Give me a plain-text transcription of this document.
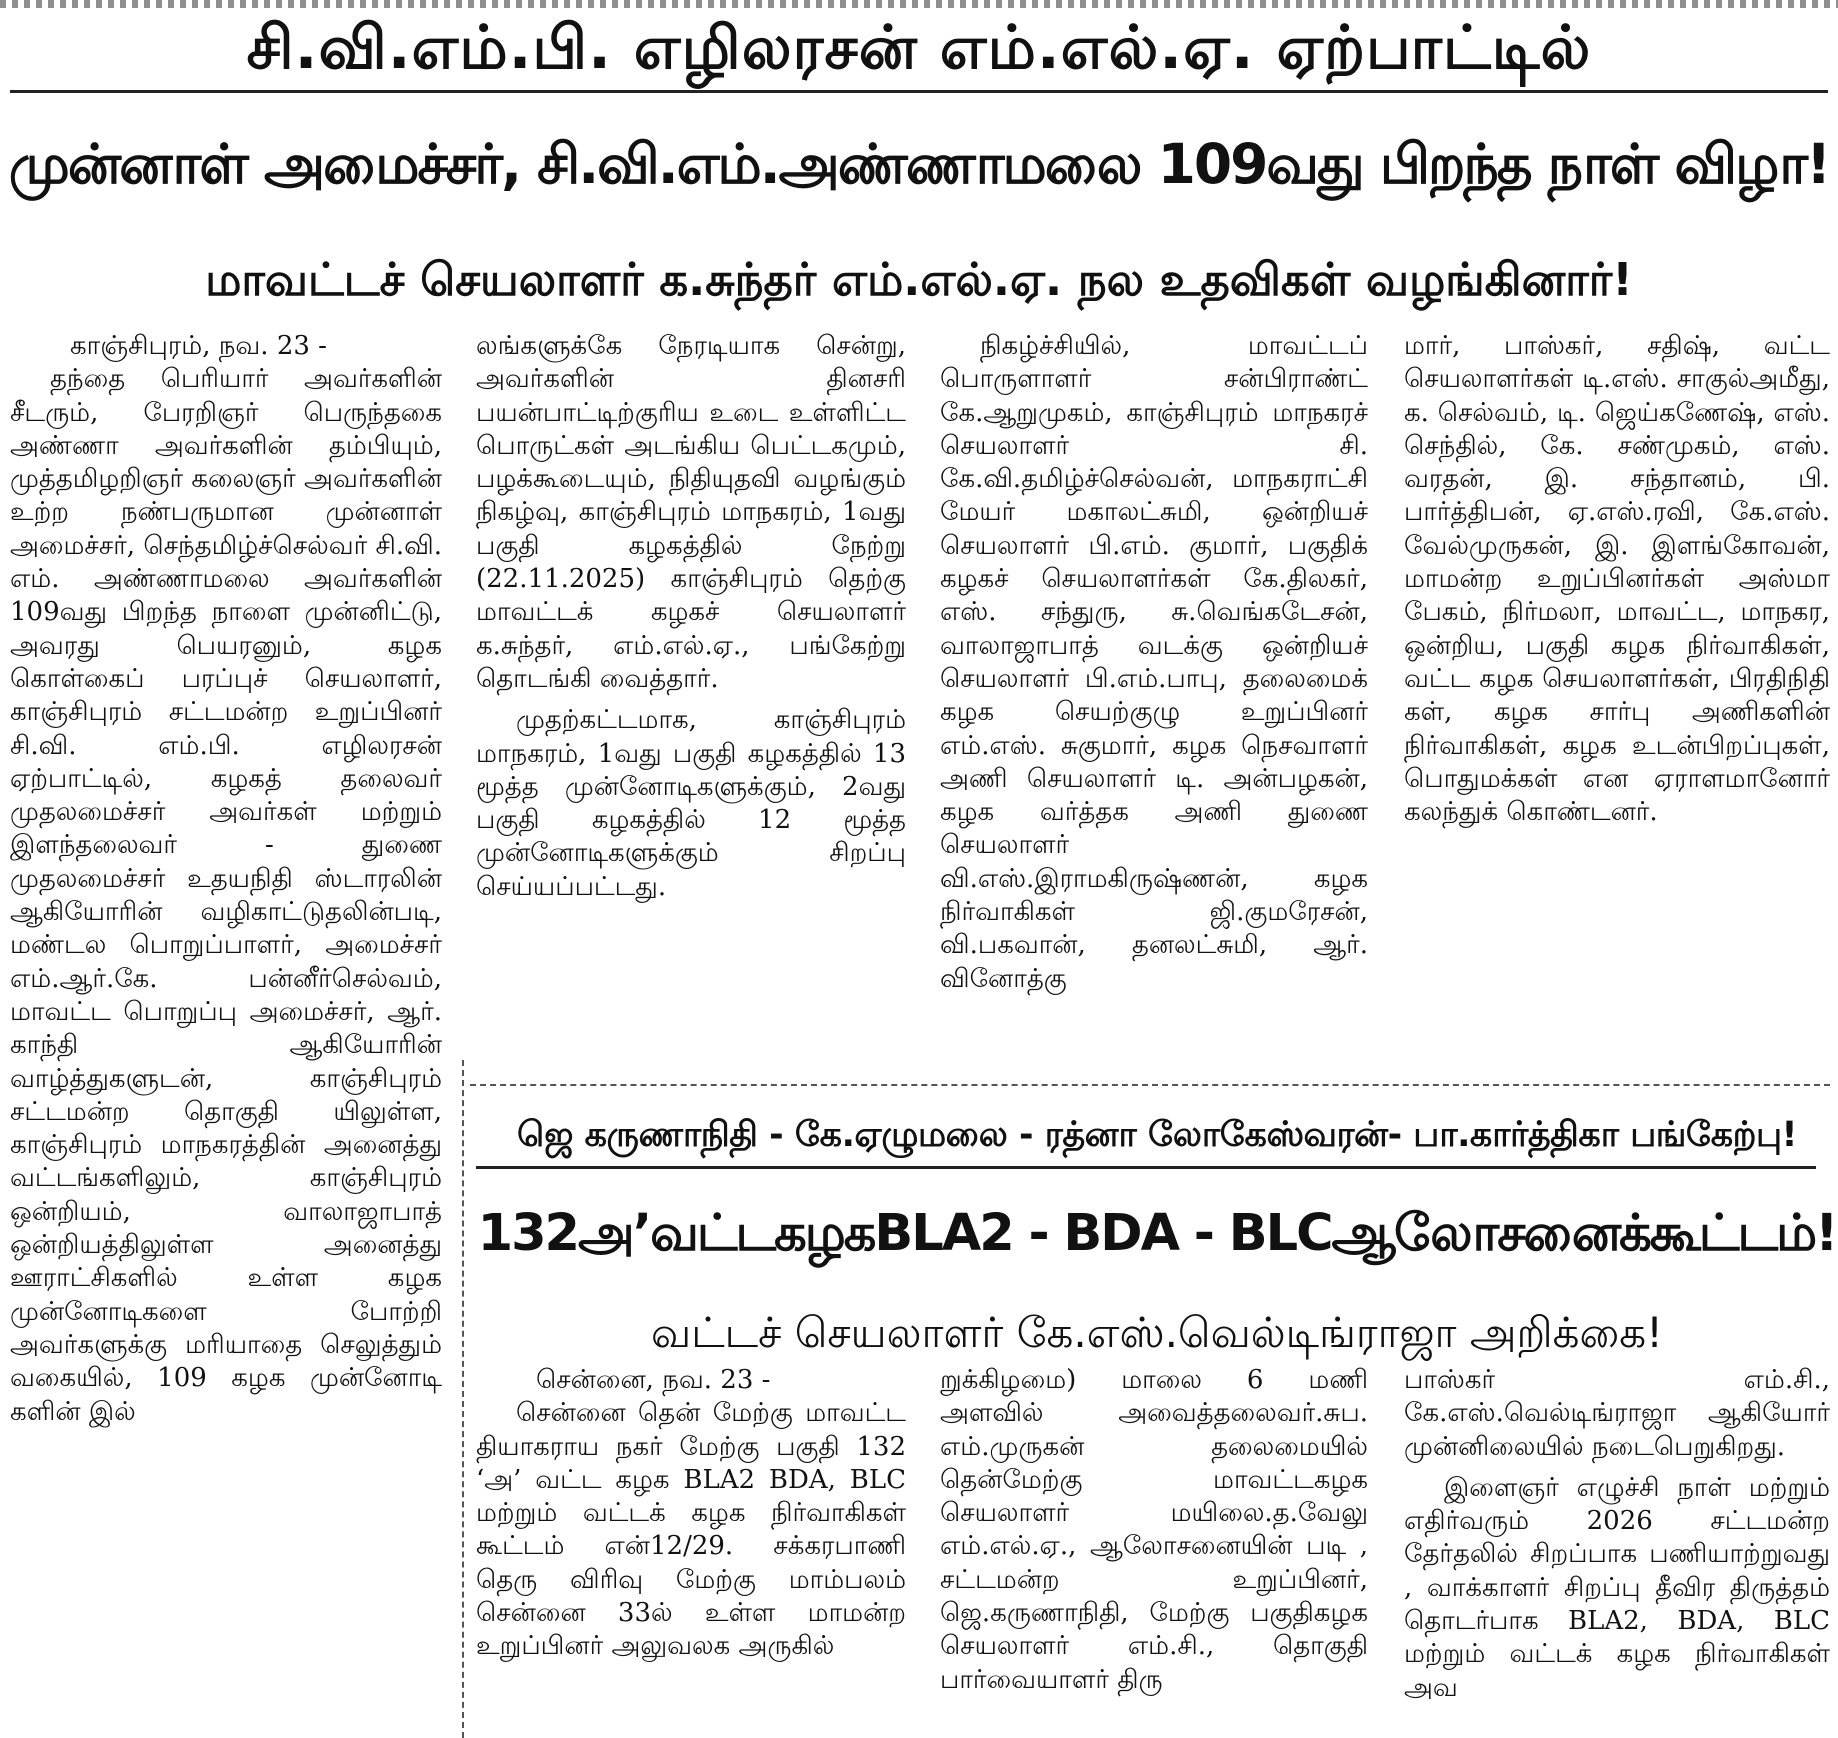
சி.வி.எம்.பி. எழிலரசன் எம்.எல்.ஏ. ஏற்பாட்டில்
முன்னாள் அமைச்சர், சி.வி.எம்.அண்ணாமலை 109வது பிறந்த நாள் விழா!
மாவட்டச் செயலாளர் க.சுந்தர் எம்.எல்.ஏ. நல உதவிகள் வழங்கினார்!

காஞ்சிபுரம், நவ. 23 -

தந்தை பெரியார் அவர்களின் சீடரும், பேரறிஞர் பெருந்தகை அண்ணா அவர்களின் தம்பியும், முத்தமிழறிஞர் கலைஞர் அவர்களின் உற்ற நண்பருமான முன்னாள் அமைச்சர், செந்தமிழ்ச்செல்வர் சி.வி. எம். அண்ணாமலை அவர்களின் 109வது பிறந்த நாளை முன்னிட்டு, அவரது பெயரனும், கழக கொள்கைப் பரப்புச் செயலாளர், காஞ்சிபுரம் சட்டமன்ற உறுப்பினர் சி.வி. எம்.பி. எழிலரசன் ஏற்பாட்டில், கழகத் தலைவர் முதலமைச்சர் அவர்கள் மற்றும் இளந்தலைவர் - துணை முதலமைச்சர் உதயநிதி ஸ்டாரலின் ஆகியோரின் வழிகாட்டுதலின்படி, மண்டல பொறுப்பாளர், அமைச்சர் எம்.ஆர்.கே. பன்னீர்செல்வம், மாவட்ட பொறுப்பு அமைச்சர், ஆர். காந்தி ஆகியோரின் வாழ்த்துகளுடன், காஞ்சிபுரம் சட்டமன்ற தொகுதி யிலுள்ள, காஞ்சிபுரம் மாநகரத்தின் அனைத்து வட்டங்களிலும், காஞ்சிபுரம் ஒன்றியம், வாலாஜாபாத் ஒன்றியத்திலுள்ள அனைத்து ஊராட்சிகளில் உள்ள கழக முன்னோடிகளை போற்றி அவர்களுக்கு மரியாதை செலுத்தும் வகையில், 109 கழக முன்னோடி களின் இல்

லங்களுக்கே நேரடியாக சென்று, அவர்களின் தினசரி பயன்பாட்டிற்குரிய உடை உள்ளிட்ட பொருட்கள் அடங்கிய பெட்டகமும், பழக்கூடையும், நிதியுதவி வழங்கும் நிகழ்வு, காஞ்சிபுரம் மாநகரம், 1வது பகுதி கழகத்தில் நேற்று (22.11.2025) காஞ்சிபுரம் தெற்கு மாவட்டக் கழகச் செயலாளர் க.சுந்தர், எம்.எல்.ஏ., பங்கேற்று தொடங்கி வைத்தார்.

முதற்கட்டமாக, காஞ்சிபுரம் மாநகரம், 1வது பகுதி கழகத்தில் 13 மூத்த முன்னோடிகளுக்கும், 2வது பகுதி கழகத்தில் 12 மூத்த முன்னோடிகளுக்கும் சிறப்பு செய்யப்பட்டது.

நிகழ்ச்சியில், மாவட்டப் பொருளாளர் சன்பிராண்ட் கே.ஆறுமுகம், காஞ்சிபுரம் மாநகரச் செயலாளர் சி. கே.வி.தமிழ்ச்செல்வன், மாநகராட்சி மேயர் மகாலட்சுமி, ஒன்றியச் செயலாளர் பி.எம். குமார், பகுதிக் கழகச் செயலாளர்கள் கே.திலகர், எஸ். சந்துரு, சு.வெங்கடேசன், வாலாஜாபாத் வடக்கு ஒன்றியச் செயலாளர் பி.எம்.பாபு, தலைமைக் கழக செயற்குழு உறுப்பினர் எம்.எஸ். சுகுமார், கழக நெசவாளர் அணி செயலாளர் டி. அன்பழகன், கழக வர்த்தக அணி துணை செயலாளர் வி.எஸ்.இராமகிருஷ்ணன், கழக நிர்வாகிகள் ஜி.குமரேசன், வி.பகவான், தனலட்சுமி, ஆர். வினோத்கு

மார், பாஸ்கர், சதிஷ், வட்ட செயலாளர்கள் டி.எஸ். சாகுல்அமீது, க. செல்வம், டி. ஜெய்கணேஷ், எஸ். செந்தில், கே. சண்முகம், எஸ். வரதன், இ. சந்தானம், பி. பார்த்திபன், ஏ.எஸ்.ரவி, கே.எஸ். வேல்முருகன், இ. இளங்கோவன், மாமன்ற உறுப்பினர்கள் அஸ்மா பேகம், நிர்மலா, மாவட்ட, மாநகர, ஒன்றிய, பகுதி கழக நிர்வாகிகள், வட்ட கழக செயலாளர்கள், பிரதிநிதி கள், கழக சார்பு அணிகளின் நிர்வாகிகள், கழக உடன்பிறப்புகள், பொதுமக்கள் என ஏராளமானோர் கலந்துக் கொண்டனர்.

ஜெ கருணாநிதி - கே.ஏழுமலை - ரத்னா லோகேஸ்வரன்- பா.கார்த்திகா பங்கேற்பு!
132அ’வட்டகழகBLA2 - BDA - BLCஆலோசனைக்கூட்டம்!
வட்டச் செயலாளர் கே.எஸ்.வெல்டிங்ராஜா அறிக்கை!

சென்னை, நவ. 23 -

சென்னை தென் மேற்கு மாவட்ட தியாகராய நகர் மேற்கு பகுதி 132 ‘அ’ வட்ட கழக BLA2 BDA, BLC மற்றும் வட்டக் கழக நிர்வாகிகள் கூட்டம் என்12/29. சக்கரபாணி தெரு விரிவு மேற்கு மாம்பலம் சென்னை 33ல் உள்ள மாமன்ற உறுப்பினர் அலுவலக அருகில்

றுக்கிழமை) மாலை 6 மணி அளவில் அவைத்தலைவர்.சுப. எம்.முருகன் தலைமையில் தென்மேற்கு மாவட்டகழக செயலாளர் மயிலை.த.வேலு எம்.எல்.ஏ., ஆலோசனையின் படி , சட்டமன்ற உறுப்பினர், ஜெ.கருணாநிதி, மேற்கு பகுதிகழக செயலாளர் எம்.சி., தொகுதி பார்வையாளர் திரு

பாஸ்கர் எம்.சி., கே.எஸ்.வெல்டிங்ராஜா ஆகியோர் முன்னிலையில் நடைபெறுகிறது.

இளைஞர் எழுச்சி நாள் மற்றும் எதிர்வரும் 2026 சட்டமன்ற தேர்தலில் சிறப்பாக பணியாற்றுவது , வாக்காளர் சிறப்பு தீவிர திருத்தம் தொடர்பாக BLA2, BDA, BLC மற்றும் வட்டக் கழக நிர்வாகிகள் அவ
